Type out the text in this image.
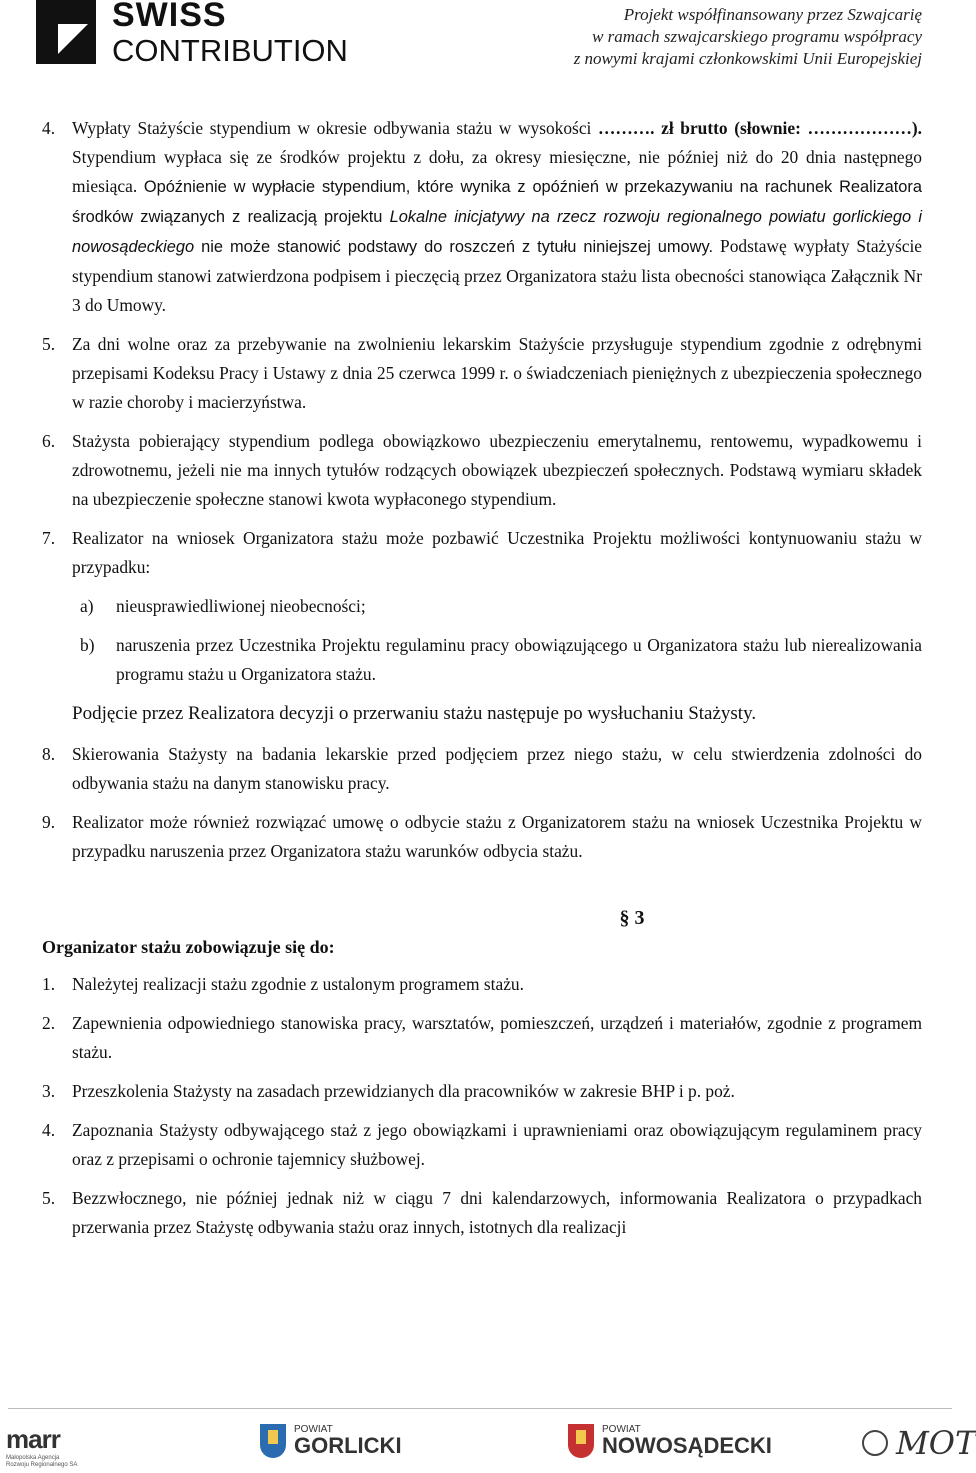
SWISS
CONTRIBUTION
Projekt współfinansowany przez Szwajcarię
w ramach szwajcarskiego programu współpracy
z nowymi krajami członkowskimi Unii Europejskiej
4. Wypłaty Stażyście stypendium w okresie odbywania stażu w wysokości ………. zł brutto (słownie: ………………). Stypendium wypłaca się ze środków projektu z dołu, za okresy miesięczne, nie później niż do 20 dnia następnego miesiąca. Opóźnienie w wypłacie stypendium, które wynika z opóźnień w przekazywaniu na rachunek Realizatora środków związanych z realizacją projektu Lokalne inicjatywy na rzecz rozwoju regionalnego powiatu gorlickiego i nowosądeckiego nie może stanowić podstawy do roszczeń z tytułu niniejszej umowy. Podstawę wypłaty Stażyście stypendium stanowi zatwierdzona podpisem i pieczęcią przez Organizatora stażu lista obecności stanowiąca Załącznik Nr 3 do Umowy.
5. Za dni wolne oraz za przebywanie na zwolnieniu lekarskim Stażyście przysługuje stypendium zgodnie z odrębnymi przepisami Kodeksu Pracy i Ustawy z dnia 25 czerwca 1999 r. o świadczeniach pieniężnych z ubezpieczenia społecznego w razie choroby i macierzyństwa.
6. Stażysta pobierający stypendium podlega obowiązkowo ubezpieczeniu emerytalnemu, rentowemu, wypadkowemu i zdrowotnemu, jeżeli nie ma innych tytułów rodzących obowiązek ubezpieczeń społecznych. Podstawą wymiaru składek na ubezpieczenie społeczne stanowi kwota wypłaconego stypendium.
7. Realizator na wniosek Organizatora stażu może pozbawić Uczestnika Projektu możliwości kontynuowaniu stażu w przypadku:
a)	nieusprawiedliwionej nieobecności;
b)	naruszenia przez Uczestnika Projektu regulaminu pracy obowiązującego u Organizatora stażu lub nierealizowania programu stażu u Organizatora stażu.
Podjęcie przez Realizatora decyzji o przerwaniu stażu następuje po wysłuchaniu Stażysty.
8. Skierowania Stażysty na badania lekarskie przed podjęciem przez niego stażu, w celu stwierdzenia zdolności do odbywania stażu na danym stanowisku pracy.
9. Realizator może również rozwiązać umowę o odbycie stażu z Organizatorem stażu na wniosek Uczestnika Projektu w przypadku naruszenia przez Organizatora stażu warunków odbycia stażu.
§ 3
Organizator stażu zobowiązuje się do:
1. Należytej realizacji stażu zgodnie z ustalonym programem stażu.
2. Zapewnienia odpowiedniego stanowiska pracy, warsztatów, pomieszczeń, urządzeń i materiałów, zgodnie z programem stażu.
3. Przeszkolenia Stażysty na zasadach przewidzianych dla pracowników w zakresie BHP i p. poż.
4. Zapoznania Stażysty odbywającego staż z jego obowiązkami i uprawnieniami oraz obowiązującym regulaminem pracy oraz z przepisami o ochronie tajemnicy służbowej.
5. Bezzwłocznego, nie później jednak niż w ciągu 7 dni kalendarzowych, informowania Realizatora o przypadkach przerwania przez Stażystę odbywania stażu oraz innych, istotnych dla realizacji
marr
Małopolska Agencja
Rozwoju Regionalnego SA
POWIAT
GORLICKI
POWIAT
NOWOSĄDECKI	MOT
